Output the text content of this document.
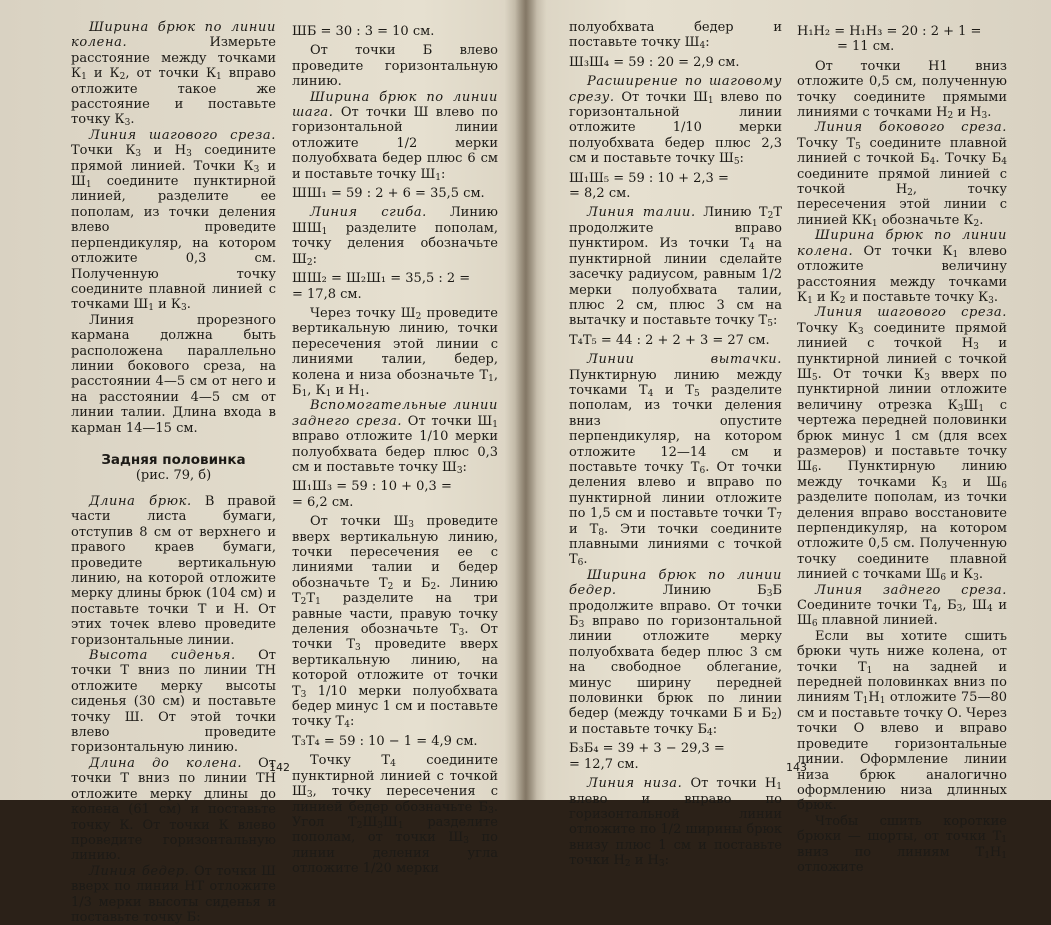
Ширина брюк по линии колена. Измерьте расстояние между точками $К_1$ и $К_2$, от точки $К_1$ вправо отложите такое же расстояние и поставьте точку $К_3$.

Линия шагового среза. Точки $К_3$ и $Н_3$ соедините прямой линией. Точки $К_3$ и $Ш_1$ соедините пунктирной линией, разделите ее пополам, из точки деления влево проведите перпендикуляр, на котором отложите 0,3 см. Полученную точку соедините плавной линией с точками $Ш_1$ и $К_3$.

Линия прорезного кармана должна быть расположена параллельно линии бокового среза, на расстоянии 4—5 см от него и на расстоянии 4—5 см от линии талии. Длина входа в карман 14—15 см.

Задняя половинка
(рис. 79, б)

Длина брюк. В правой части листа бумаги, отступив 8 см от верхнего и правого краев бумаги, проведите вертикальную линию, на которой отложите мерку длины брюк (104 см) и поставьте точки Т и Н. От этих точек влево проведите горизонтальные линии.

Высота сиденья. От точки Т вниз по линии ТН отложите мерку высоты сиденья (30 см) и поставьте точку Ш. От этой точки влево проведите горизонтальную линию.

Длина до колена. От точки Т вниз по линии ТН отложите мерку длины до колена (61 см) и поставьте точку К. От точки К влево проведите горизонтальную линию.

Линия бедер. От точки Ш вверх по линии НТ отложите 1/3 мерки высоты сиденья и поставьте точку Б:

ШБ = 30 : 3 = 10 см.

От точки Б влево проведите горизонтальную линию.

Ширина брюк по линии шага. От точки Ш влево по горизонтальной линии отложите 1/2 мерки полуобхвата бедер плюс 6 см и поставьте точку $Ш_1$:

ШШ₁ = 59 : 2 + 6 = 35,5 см.

Линия сгиба. Линию $ШШ_1$ разделите пополам, точку деления обозначьте $Ш_2$:

ШШ₂ = Ш₂Ш₁ = 35,5 : 2 =
= 17,8 см.

Через точку $Ш_2$ проведите вертикальную линию, точки пересечения этой линии с линиями талии, бедер, колена и низа обозначьте $Т_1$, $Б_1$, $К_1$ и $Н_1$.

Вспомогательные линии заднего среза. От точки $Ш_1$ вправо отложите 1/10 мерки полуобхвата бедер плюс 0,3 см и поставьте точку $Ш_3$:

Ш₁Ш₃ = 59 : 10 + 0,3 =
= 6,2 см.

От точки $Ш_3$ проведите вверх вертикальную линию, точки пересечения ее с линиями талии и бедер обозначьте $Т_2$ и $Б_2$. Линию $Т_2Т_1$ разделите на три равные части, правую точку деления обозначьте $Т_3$. От точки $Т_3$ проведите вверх вертикальную линию, на которой отложите от точки $Т_3$ 1/10 мерки полуобхвата бедер минус 1 см и поставьте точку $Т_4$:

Т₃Т₄ = 59 : 10 − 1 = 4,9 см.

Точку $Т_4$ соедините пунктирной линией с точкой $Ш_3$, точку пересечения с линией бедер обозначьте $Б_3$. Угол $Т_2Ш_3Ш_1$ разделите пополам, от точки $Ш_3$ по линии деления угла отложите 1/20 мерки

142

полуобхвата бедер и поставьте точку $Ш_4$:

Ш₃Ш₄ = 59 : 20 = 2,9 см.

Расширение по шаговому срезу. От точки $Ш_1$ влево по горизонтальной линии отложите 1/10 мерки полуобхвата бедер плюс 2,3 см и поставьте точку $Ш_5$:

Ш₁Ш₅ = 59 : 10 + 2,3 =
= 8,2 см.

Линия талии. Линию $Т_2Т$ продолжите вправо пунктиром. Из точки $Т_4$ на пунктирной линии сделайте засечку радиусом, равным 1/2 мерки полуобхвата талии, плюс 2 см, плюс 3 см на вытачку и поставьте точку $Т_5$:

Т₄Т₅ = 44 : 2 + 2 + 3 = 27 см.

Линии вытачки. Пунктирную линию между точками $Т_4$ и $Т_5$ разделите пополам, из точки деления вниз опустите перпендикуляр, на котором отложите 12—14 см и поставьте точку $Т_6$. От точки деления влево и вправо по пунктирной линии отложите по 1,5 см и поставьте точки $Т_7$ и $Т_8$. Эти точки соедините плавными линиями с точкой $Т_6$.

Ширина брюк по линии бедер. Линию $Б_3Б$ продолжите вправо. От точки $Б_3$ вправо по горизонтальной линии отложите мерку полуобхвата бедер плюс 3 см на свободное облегание, минус ширину передней половинки брюк по линии бедер (между точками Б и $Б_2$) и поставьте точку $Б_4$:

Б₃Б₄ = 39 + 3 − 29,3 =
= 12,7 см.

Линия низа. От точки $Н_1$ влево и вправо по горизонтальной линии отложите по 1/2 ширины брюк внизу плюс 1 см и поставьте точки $Н_2$ и $Н_3$:

Н₁Н₂ = Н₁Н₃ = 20 : 2 + 1 =
= 11 см.

От точки Н1 вниз отложите 0,5 см, полученную точку соедините прямыми линиями с точками $Н_2$ и $Н_3$.

Линия бокового среза. Точку $Т_5$ соедините плавной линией с точкой $Б_4$. Точку $Б_4$ соедините прямой линией с точкой $Н_2$, точку пересечения этой линии с линией $КК_1$ обозначьте $К_2$.

Ширина брюк по линии колена. От точки $К_1$ влево отложите величину расстояния между точками $К_1$ и $К_2$ и поставьте точку $К_3$.

Линия шагового среза. Точку $К_3$ соедините прямой линией с точкой $Н_3$ и пунктирной линией с точкой $Ш_5$. От точки $К_3$ вверх по пунктирной линии отложите величину отрезка $К_3Ш_1$ с чертежа передней половинки брюк минус 1 см (для всех размеров) и поставьте точку $Ш_6$. Пунктирную линию между точками $К_3$ и $Ш_6$ разделите пополам, из точки деления вправо восстановите перпендикуляр, на котором отложите 0,5 см. Полученную точку соедините плавной линией с точками $Ш_6$ и $К_3$.

Линия заднего среза. Соедините точки $Т_4$, $Б_3$, $Ш_4$ и $Ш_6$ плавной линией.

Если вы хотите сшить брюки чуть ниже колена, от точки $Т_1$ на задней и передней половинках вниз по линиям $Т_1Н_1$ отложите 75—80 см и поставьте точку О. Через точки О влево и вправо проведите горизонтальные линии. Оформление линии низа брюк аналогично оформлению низа длинных брюк.

Чтобы сшить короткие брюки — шорты, от точки $Т_1$ вниз по линиям $Т_1Н_1$ отложите

143
